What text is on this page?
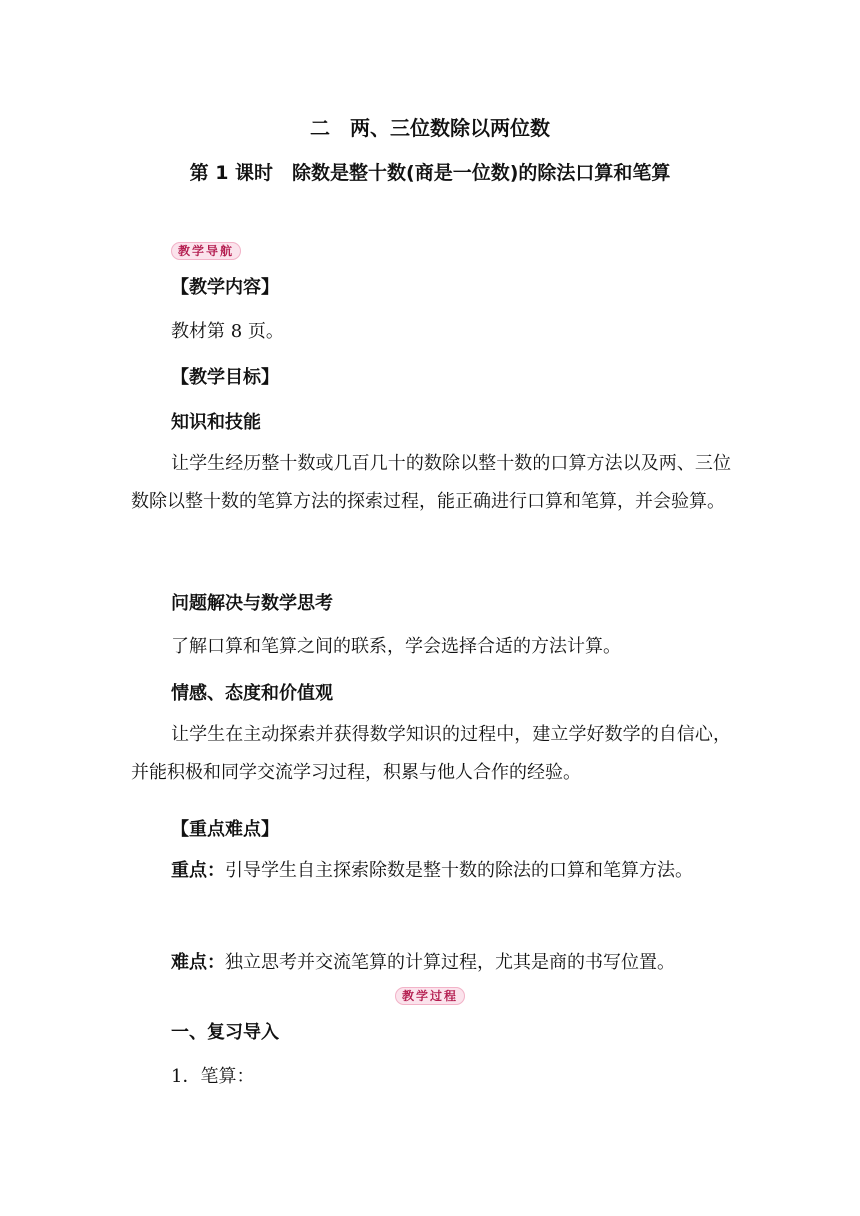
二　两、三位数除以两位数
第 1 课时　除数是整十数(商是一位数)的除法口算和笔算
教学导航
【教学内容】
教材第 8 页。
【教学目标】
知识和技能
让学生经历整十数或几百几十的数除以整十数的口算方法以及两、三位数除以整十数的笔算方法的探索过程，能正确进行口算和笔算，并会验算。
问题解决与数学思考
了解口算和笔算之间的联系，学会选择合适的方法计算。
情感、态度和价值观
让学生在主动探索并获得数学知识的过程中，建立学好数学的自信心，并能积极和同学交流学习过程，积累与他人合作的经验。
【重点难点】
重点：引导学生自主探索除数是整十数的除法的口算和笔算方法。
难点：独立思考并交流笔算的计算过程，尤其是商的书写位置。
教学过程
一、复习导入
1．笔算：
